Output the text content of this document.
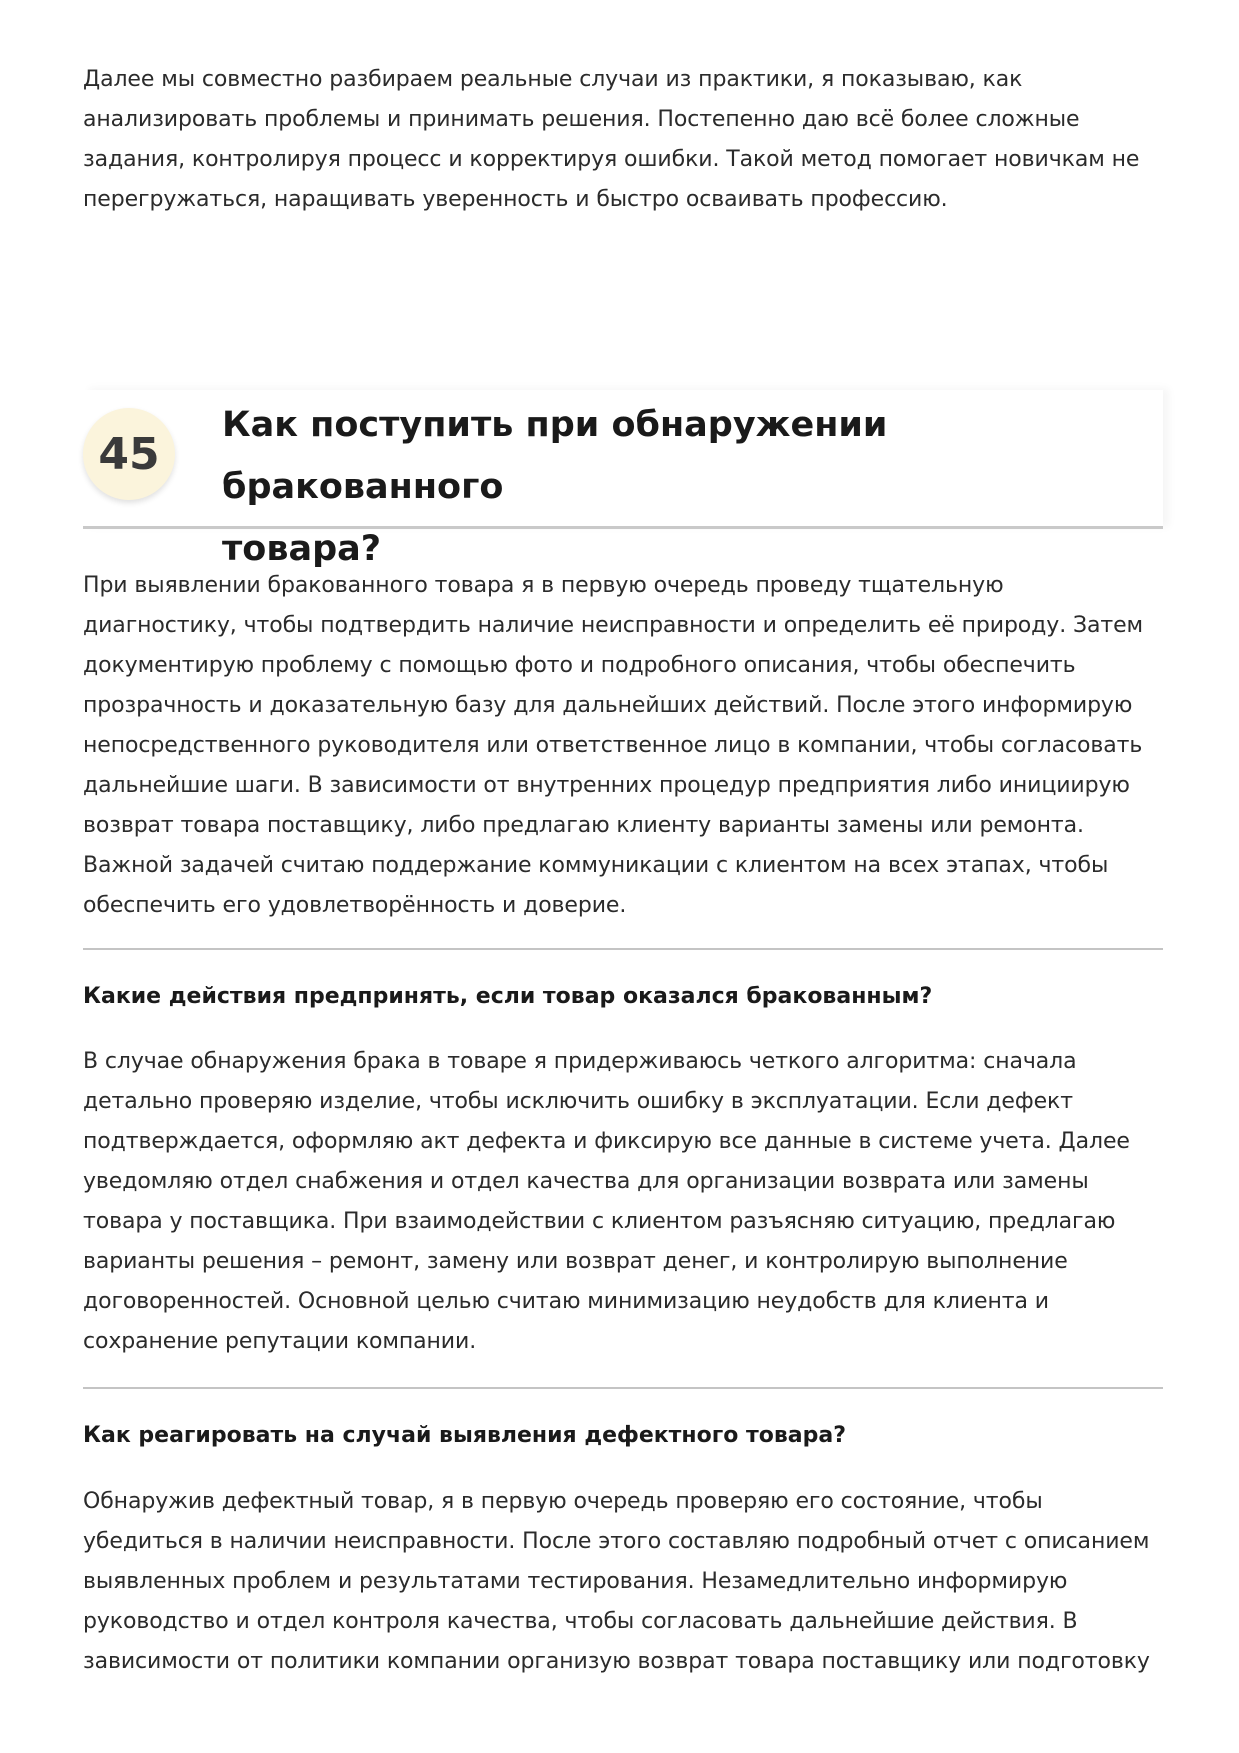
Далее мы совместно разбираем реальные случаи из практики, я показываю, как

анализировать проблемы и принимать решения. Постепенно даю всё более сложные

задания, контролируя процесс и корректируя ошибки. Такой метод помогает новичкам не

перегружаться, наращивать уверенность и быстро осваивать профессию.

45
Как поступить при обнаружении бракованного
товара?

При выявлении бракованного товара я в первую очередь проведу тщательную

диагностику, чтобы подтвердить наличие неисправности и определить её природу. Затем

документирую проблему с помощью фото и подробного описания, чтобы обеспечить

прозрачность и доказательную базу для дальнейших действий. После этого информирую

непосредственного руководителя или ответственное лицо в компании, чтобы согласовать

дальнейшие шаги. В зависимости от внутренних процедур предприятия либо инициирую

возврат товара поставщику, либо предлагаю клиенту варианты замены или ремонта.

Важной задачей считаю поддержание коммуникации с клиентом на всех этапах, чтобы

обеспечить его удовлетворённость и доверие.

Какие действия предпринять, если товар оказался бракованным?

В случае обнаружения брака в товаре я придерживаюсь четкого алгоритма: сначала

детально проверяю изделие, чтобы исключить ошибку в эксплуатации. Если дефект

подтверждается, оформляю акт дефекта и фиксирую все данные в системе учета. Далее

уведомляю отдел снабжения и отдел качества для организации возврата или замены

товара у поставщика. При взаимодействии с клиентом разъясняю ситуацию, предлагаю

варианты решения – ремонт, замену или возврат денег, и контролирую выполнение

договоренностей. Основной целью считаю минимизацию неудобств для клиента и

сохранение репутации компании.

Как реагировать на случай выявления дефектного товара?

Обнаружив дефектный товар, я в первую очередь проверяю его состояние, чтобы

убедиться в наличии неисправности. После этого составляю подробный отчет с описанием

выявленных проблем и результатами тестирования. Незамедлительно информирую

руководство и отдел контроля качества, чтобы согласовать дальнейшие действия. В

зависимости от политики компании организую возврат товара поставщику или подготовку
